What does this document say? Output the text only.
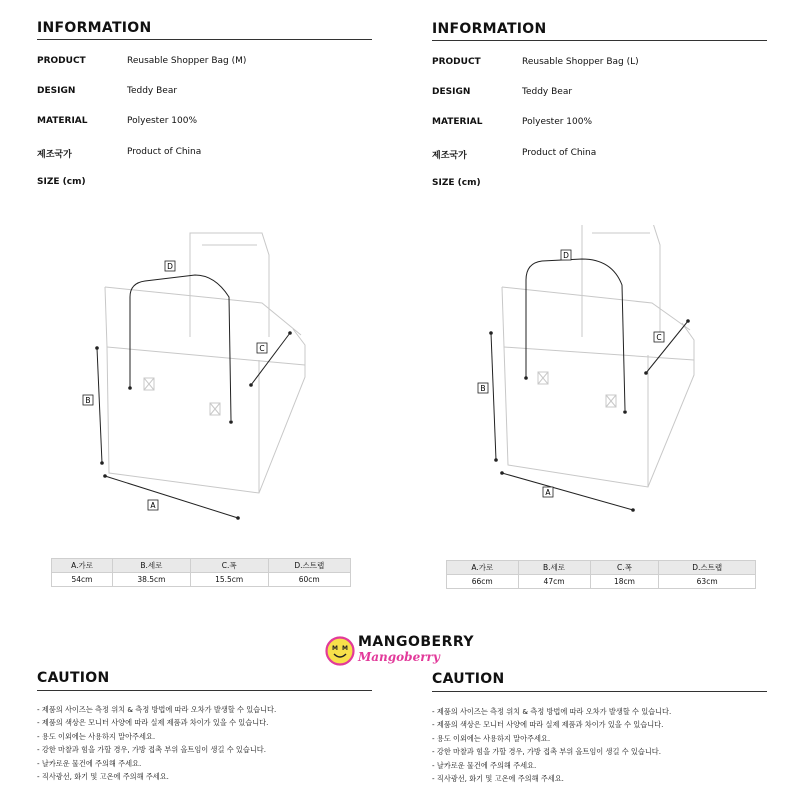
INFORMATION
PRODUCT	Reusable Shopper Bag (M)
DESIGN	Teddy Bear
MATERIAL	Polyester 100%
제조국가	Product of China
SIZE (cm)
D
C
B
A
A.가로	B.세로	C.폭	D.스트랩
54cm	38.5cm	15.5cm	60cm
CAUTION
- 제품의 사이즈는 측정 위치 & 측정 방법에 따라 오차가 발생할 수 있습니다.
- 제품의 색상은 모니터 사양에 따라 실제 제품과 차이가 있을 수 있습니다.
- 용도 이외에는 사용하지 말아주세요.
- 강한 마찰과 힘을 가할 경우, 가방 접촉 부위 올트임이 생길 수 있습니다.
- 날카로운 물건에 주의해 주세요.
- 직사광선, 화기 및 고온에 주의해 주세요.
INFORMATION
PRODUCT	Reusable Shopper Bag (L)
DESIGN	Teddy Bear
MATERIAL	Polyester 100%
제조국가	Product of China
SIZE (cm)
D
C
B
A
A.가로	B.세로	C.폭	D.스트랩
66cm	47cm	18cm	63cm
CAUTION
- 제품의 사이즈는 측정 위치 & 측정 방법에 따라 오차가 발생할 수 있습니다.
- 제품의 색상은 모니터 사양에 따라 실제 제품과 차이가 있을 수 있습니다.
- 용도 이외에는 사용하지 말아주세요.
- 강한 마찰과 힘을 가할 경우, 가방 접촉 부위 올트임이 생길 수 있습니다.
- 날카로운 물건에 주의해 주세요.
- 직사광선, 화기 및 고온에 주의해 주세요.
M M MANGOBERRY
Mangoberry
